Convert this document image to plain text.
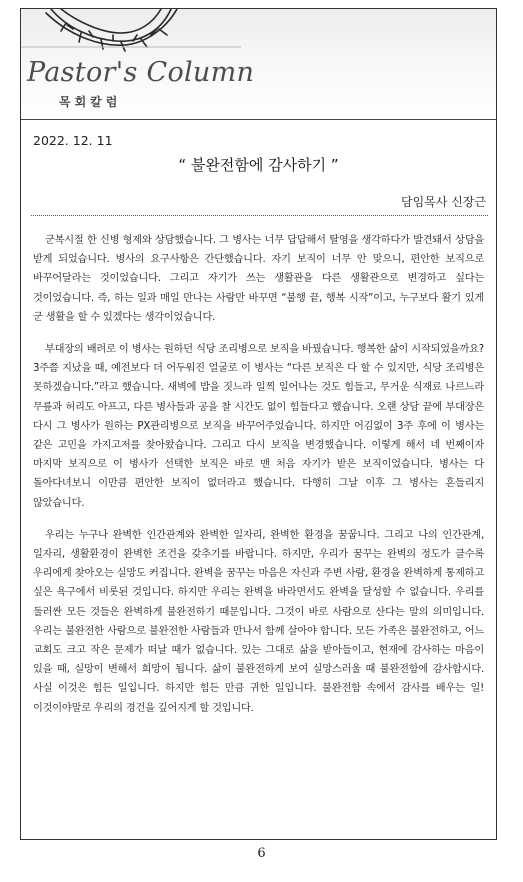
Pastor's Column

목회칼럼

2022. 12. 11

“ 불완전함에 감사하기 ”

담임목사 신장근

군복시절 한 신병 형제와 상담했습니다. 그 병사는 너무 답답해서 탈영을 생각하다가 발견돼서 상담을 받게 되었습니다. 병사의 요구사항은 간단했습니다. 자기 보직이 너무 안 맞으니, 편안한 보직으로 바꾸어달라는 것이었습니다. 그리고 자기가 쓰는 생활관을 다른 생활관으로 변경하고 싶다는 것이었습니다. 즉, 하는 일과 매일 만나는 사람만 바꾸면 “불행 끝, 행복 시작”이고, 누구보다 활기 있게 군 생활을 할 수 있겠다는 생각이었습니다.

부대장의 배려로 이 병사는 원하던 식당 조리병으로 보직을 바꿨습니다. 행복한 삶이 시작되었을까요? 3주쯤 지났을 때, 예전보다 더 어두워진 얼굴로 이 병사는 “다른 보직은 다 할 수 있지만, 식당 조리병은 못하겠습니다.”라고 했습니다. 새벽에 밥을 짓느라 일찍 일어나는 것도 힘들고, 무거운 식재료 나르느라 무릎과 허리도 아프고, 다른 병사들과 공을 찰 시간도 없이 힘들다고 했습니다. 오랜 상담 끝에 부대장은 다시 그 병사가 원하는 PX관리병으로 보직을 바꾸어주었습니다. 하지만 어김없이 3주 후에 이 병사는 같은 고민을 가지고저를 찾아왔습니다. 그리고 다시 보직을 변경했습니다. 이렇게 해서 네 번째이자 마지막 보직으로 이 병사가 선택한 보직은 바로 맨 처음 자기가 받은 보직이었습니다. 병사는 다 돌아다녀보니 이만큼 편안한 보직이 없더라고 했습니다. 다행히 그날 이후 그 병사는 흔들리지 않았습니다.

우리는 누구나 완벽한 인간관계와 완벽한 일자리, 완벽한 환경을 꿈꿉니다. 그리고 나의 인간관계, 일자리, 생활환경이 완벽한 조건을 갖추기를 바랍니다. 하지만, 우리가 꿈꾸는 완벽의 정도가 클수록 우리에게 찾아오는 실망도 커집니다. 완벽을 꿈꾸는 마음은 자신과 주변 사람, 환경을 완벽하게 통제하고 싶은 욕구에서 비롯된 것입니다. 하지만 우리는 완벽을 바라면서도 완벽을 달성할 수 없습니다. 우리를 둘러싼 모든 것들은 완벽하게 불완전하기 때문입니다. 그것이 바로 사람으로 산다는 말의 의미입니다. 우리는 불완전한 사람으로 불완전한 사람들과 만나서 함께 살아야 합니다. 모든 가족은 불완전하고, 어느 교회도 크고 작은 문제가 떠날 때가 없습니다. 있는 그대로 삶을 받아들이고, 현재에 감사하는 마음이 있을 때, 실망이 변해서 희망이 됩니다. 삶이 불완전하게 보여 실망스러울 때 불완전함에 감사합시다. 사실 이것은 힘든 일입니다. 하지만 힘든 만큼 귀한 일입니다. 불완전함 속에서 감사를 배우는 일! 이것이야말로 우리의 경건을 깊어지게 할 것입니다.

6
